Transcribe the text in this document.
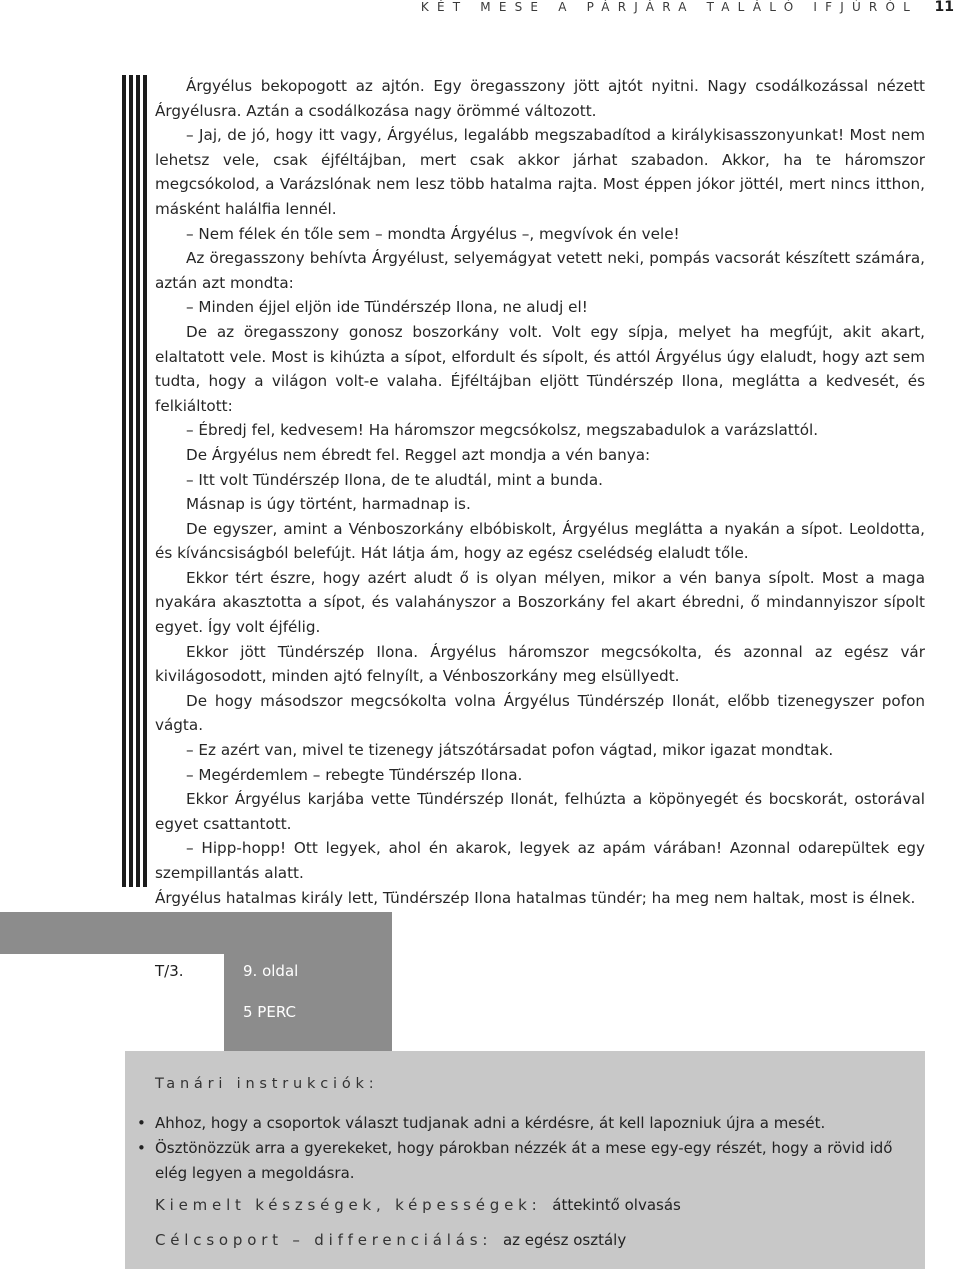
KÉT MESE A PÁRJÁRA TALÁLÓ IFJÚRÓL 11

Árgyélus bekopogott az ajtón. Egy öregasszony jött ajtót nyitni. Nagy csodálkozással nézett Árgyélusra. Aztán a csodálkozása nagy örömmé változott.

– Jaj, de jó, hogy itt vagy, Árgyélus, legalább megszabadítod a királykisasszonyunkat! Most nem lehetsz vele, csak éjféltájban, mert csak akkor járhat szabadon. Akkor, ha te háromszor megcsókolod, a Varázslónak nem lesz több hatalma rajta. Most éppen jókor jöttél, mert nincs itthon, másként halálfia lennél.

– Nem félek én tőle sem – mondta Árgyélus –, megvívok én vele!

Az öregasszony behívta Árgyélust, selyemágyat vetett neki, pompás vacsorát készített számára, aztán azt mondta:

– Minden éjjel eljön ide Tündérszép Ilona, ne aludj el!

De az öregasszony gonosz boszorkány volt. Volt egy sípja, melyet ha megfújt, akit akart, elaltatott vele. Most is kihúzta a sípot, elfordult és sípolt, és attól Árgyélus úgy elaludt, hogy azt sem tudta, hogy a világon volt-e valaha. Éjféltájban eljött Tündérszép Ilona, meglátta a kedvesét, és felkiáltott:

– Ébredj fel, kedvesem! Ha háromszor megcsókolsz, megszabadulok a varázslattól.

De Árgyélus nem ébredt fel. Reggel azt mondja a vén banya:

– Itt volt Tündérszép Ilona, de te aludtál, mint a bunda.

Másnap is úgy történt, harmadnap is.

De egyszer, amint a Vénboszorkány elbóbiskolt, Árgyélus meglátta a nyakán a sípot. Leoldotta, és kíváncsiságból belefújt. Hát látja ám, hogy az egész cselédség elaludt tőle.

Ekkor tért észre, hogy azért aludt ő is olyan mélyen, mikor a vén banya sípolt. Most a maga nyakára akasztotta a sípot, és valahányszor a Boszorkány fel akart ébredni, ő mindannyiszor sípolt egyet. Így volt éjfélig.

Ekkor jött Tündérszép Ilona. Árgyélus háromszor megcsókolta, és azonnal az egész vár kivilágosodott, minden ajtó felnyílt, a Vénboszorkány meg elsüllyedt.

De hogy másodszor megcsókolta volna Árgyélus Tündérszép Ilonát, előbb tizenegyszer pofon vágta.

– Ez azért van, mivel te tizenegy játszótársadat pofon vágtad, mikor igazat mondtak.

– Megérdemlem – rebegte Tündérszép Ilona.

Ekkor Árgyélus karjába vette Tündérszép Ilonát, felhúzta a köpönyegét és bocskorát, ostorával egyet csattantott.

– Hipp-hopp! Ott legyek, ahol én akarok, legyek az apám várában! Azonnal odarepültek egy szempillantás alatt.

Árgyélus hatalmas király lett, Tündérszép Ilona hatalmas tündér; ha meg nem haltak, most is élnek.

T/3.	9. oldal
5 PERC
Tanári instrukciók:
• Ahhoz, hogy a csoportok választ tudjanak adni a kérdésre, át kell lapozniuk újra a mesét.
• Ösztönözzük arra a gyerekeket, hogy párokban nézzék át a mese egy-egy részét, hogy a rövid idő elég legyen a megoldásra.
Kiemelt készségek, képességek: áttekintő olvasás
Célcsoport – differenciálás: az egész osztály
